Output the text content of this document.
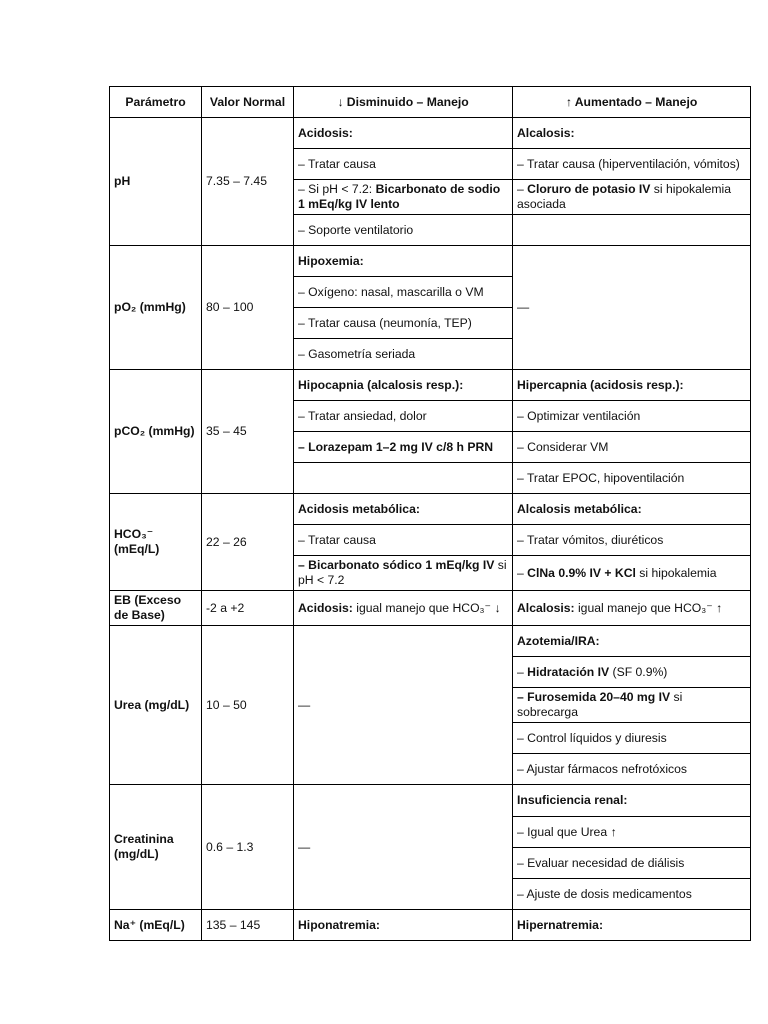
Parámetro	Valor Normal	↓ Disminuido – Manejo	↑ Aumentado – Manejo
pH	7.35 – 7.45	Acidosis:	Alcalosis:
		– Tratar causa	– Tratar causa (hiperventilación, vómitos)
		– Si pH < 7.2: Bicarbonato de sodio 1 mEq/kg IV lento	– Cloruro de potasio IV si hipokalemia asociada
		– Soporte ventilatorio	
pO₂ (mmHg)	80 – 100	Hipoxemia:	—
		– Oxígeno: nasal, mascarilla o VM	
		– Tratar causa (neumonía, TEP)	
		– Gasometría seriada	
pCO₂ (mmHg)	35 – 45	Hipocapnia (alcalosis resp.):	Hipercapnia (acidosis resp.):
		– Tratar ansiedad, dolor	– Optimizar ventilación
		– Lorazepam 1–2 mg IV c/8 h PRN	– Considerar VM
			– Tratar EPOC, hipoventilación
HCO₃⁻ (mEq/L)	22 – 26	Acidosis metabólica:	Alcalosis metabólica:
		– Tratar causa	– Tratar vómitos, diuréticos
		– Bicarbonato sódico 1 mEq/kg IV si pH < 7.2	– ClNa 0.9% IV + KCl si hipokalemia
EB (Exceso de Base)	-2 a +2	Acidosis: igual manejo que HCO₃⁻ ↓	Alcalosis: igual manejo que HCO₃⁻ ↑
Urea (mg/dL)	10 – 50	—	Azotemia/IRA:
			– Hidratación IV (SF 0.9%)
			– Furosemida 20–40 mg IV si sobrecarga
			– Control líquidos y diuresis
			– Ajustar fármacos nefrotóxicos
Creatinina (mg/dL)	0.6 – 1.3	—	Insuficiencia renal:
			– Igual que Urea ↑
			– Evaluar necesidad de diálisis
			– Ajuste de dosis medicamentos
Na⁺ (mEq/L)	135 – 145	Hiponatremia:	Hipernatremia:
